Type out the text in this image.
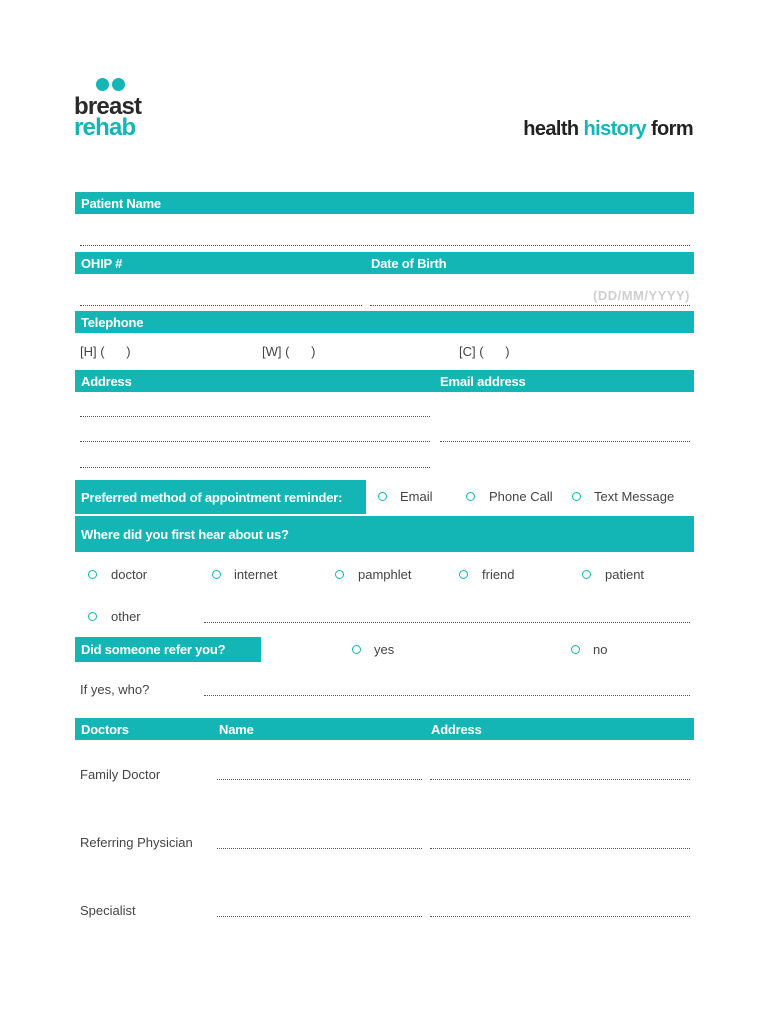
breast
rehab	health history form
Patient Name
OHIP #	Date of Birth
(DD/MM/YYYY)
Telephone
[H] (      )	[W] (      )	[C] (      )
Address	Email address
Preferred method of appointment reminder:	Email	Phone Call	Text Message
Where did you first hear about us?
doctor	internet	pamphlet	friend	patient
other
Did someone refer you?	yes	no
If yes, who?
Doctors	Name	Address
Family Doctor
Referring Physician
Specialist
